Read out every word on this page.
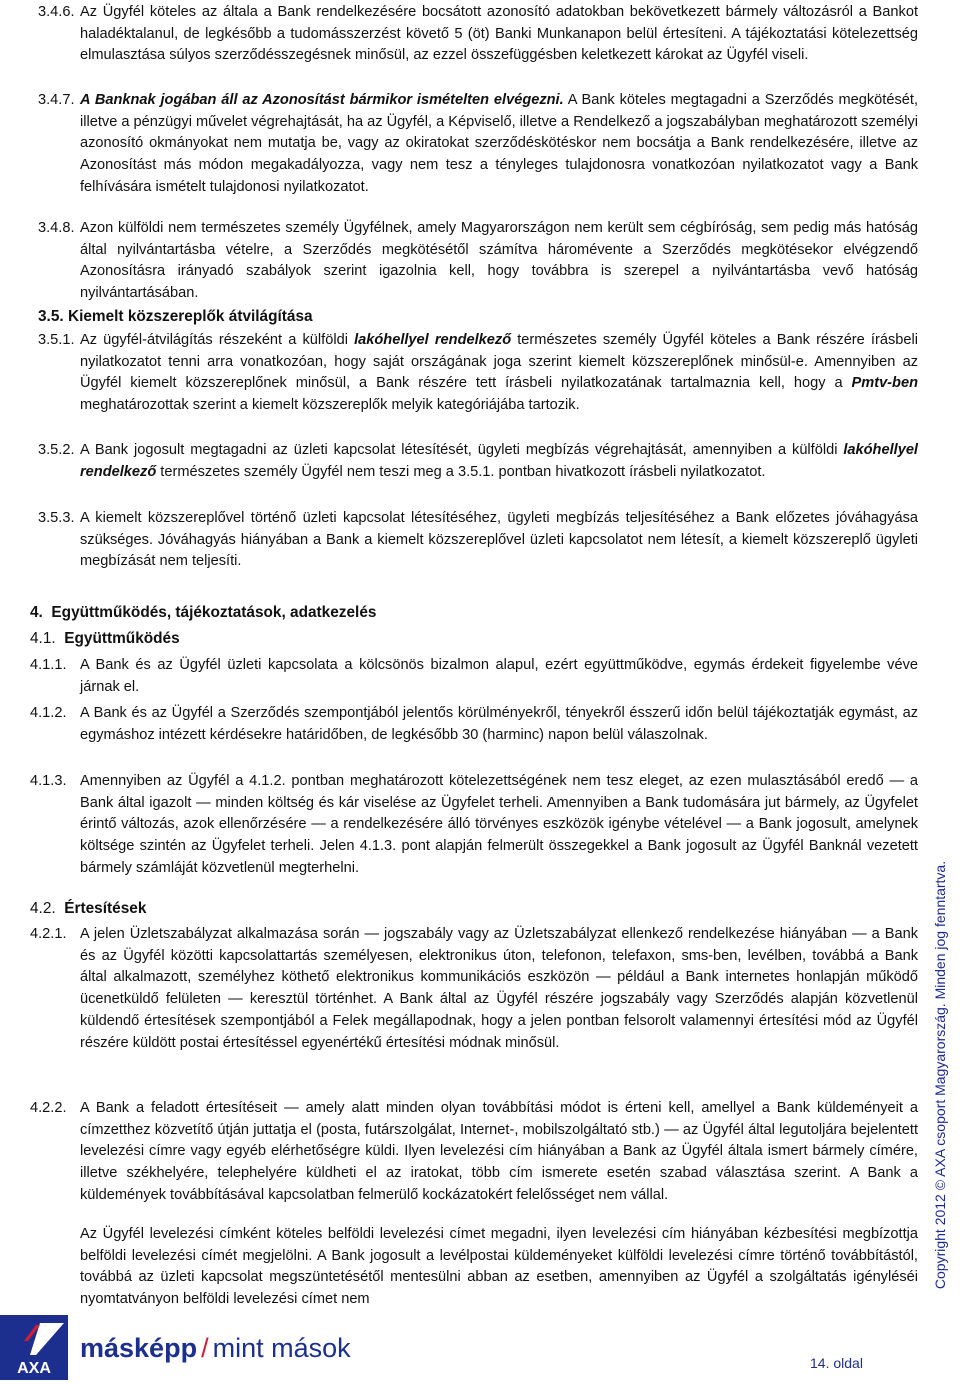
3.4.6. Az Ügyfél köteles az általa a Bank rendelkezésére bocsátott azonosító adatokban bekövetkezett bármely változásról a Bankot haladéktalanul, de legkésőbb a tudomásszerzést követő 5 (öt) Banki Munkanapon belül értesíteni. A tájékoztatási kötelezettség elmulasztása súlyos szerződésszegésnek minősül, az ezzel összefüggésben keletkezett károkat az Ügyfél viseli.

3.4.7. A Banknak jogában áll az Azonosítást bármikor ismételten elvégezni. A Bank köteles megtagadni a Szerződés megkötését, illetve a pénzügyi művelet végrehajtását, ha az Ügyfél, a Képviselő, illetve a Rendelkező a jogszabályban meghatározott személyi azonosító okmányokat nem mutatja be, vagy az okiratokat szerződéskötéskor nem bocsátja a Bank rendelkezésére, illetve az Azonosítást más módon megakadályozza, vagy nem tesz a tényleges tulajdonosra vonatkozóan nyilatkozatot vagy a Bank felhívására ismételt tulajdonosi nyilatkozatot.

3.4.8. Azon külföldi nem természetes személy Ügyfélnek, amely Magyarországon nem került sem cégbíróság, sem pedig más hatóság által nyilvántartásba vételre, a Szerződés megkötésétől számítva háromévente a Szerződés megkötésekor elvégzendő Azonosításra irányadó szabályok szerint igazolnia kell, hogy továbbra is szerepel a nyilvántartásba vevő hatóság nyilvántartásában.

3.5. Kiemelt közszereplők átvilágítása

3.5.1. Az ügyfél-átvilágítás részeként a külföldi lakóhellyel rendelkező természetes személy Ügyfél köteles a Bank részére írásbeli nyilatkozatot tenni arra vonatkozóan, hogy saját országának joga szerint kiemelt közszereplőnek minősül-e. Amennyiben az Ügyfél kiemelt közszereplőnek minősül, a Bank részére tett írásbeli nyilatkozatának tartalmaznia kell, hogy a Pmtv-ben meghatározottak szerint a kiemelt közszereplők melyik kategóriájába tartozik.

3.5.2. A Bank jogosult megtagadni az üzleti kapcsolat létesítését, ügyleti megbízás végrehajtását, amennyiben a külföldi lakóhellyel rendelkező természetes személy Ügyfél nem teszi meg a 3.5.1. pontban hivatkozott írásbeli nyilatkozatot.

3.5.3. A kiemelt közszereplővel történő üzleti kapcsolat létesítéséhez, ügyleti megbízás teljesítéséhez a Bank előzetes jóváhagyása szükséges. Jóváhagyás hiányában a Bank a kiemelt közszereplővel üzleti kapcsolatot nem létesít, a kiemelt közszereplő ügyleti megbízását nem teljesíti.

4. Együttműködés, tájékoztatások, adatkezelés

4.1. Együttműködés

4.1.1. A Bank és az Ügyfél üzleti kapcsolata a kölcsönös bizalmon alapul, ezért együttműködve, egymás érdekeit figyelembe véve járnak el.

4.1.2. A Bank és az Ügyfél a Szerződés szempontjából jelentős körülményekről, tényekről ésszerű időn belül tájékoztatják egymást, az egymáshoz intézett kérdésekre határidőben, de legkésőbb 30 (harminc) napon belül válaszolnak.

4.1.3. Amennyiben az Ügyfél a 4.1.2. pontban meghatározott kötelezettségének nem tesz eleget, az ezen mulasztásából eredő — a Bank által igazolt — minden költség és kár viselése az Ügyfelet terheli. Amennyiben a Bank tudomására jut bármely, az Ügyfelet érintő változás, azok ellenőrzésére — a rendelkezésére álló törvényes eszközök igénybe vételével — a Bank jogosult, amelynek költsége szintén az Ügyfelet terheli. Jelen 4.1.3. pont alapján felmerült összegekkel a Bank jogosult az Ügyfél Banknál vezetett bármely számláját közvetlenül megterhelni.

4.2. Értesítések

4.2.1. A jelen Üzletszabályzat alkalmazása során — jogszabály vagy az Üzletszabályzat ellenkező rendelkezése hiányában — a Bank és az Ügyfél közötti kapcsolattartás személyesen, elektronikus úton, telefonon, telefaxon, sms-ben, levélben, továbbá a Bank által alkalmazott, személyhez köthető elektronikus kommunikációs eszközön — például a Bank internetes honlapján működő ücenetküldő felületen — keresztül történhet. A Bank által az Ügyfél részére jogszabály vagy Szerződés alapján közvetlenül küldendő értesítések szempontjából a Felek megállapodnak, hogy a jelen pontban felsorolt valamennyi értesítési mód az Ügyfél részére küldött postai értesítéssel egyenértékű értesítési módnak minősül.

4.2.2. A Bank a feladott értesítéseit — amely alatt minden olyan továbbítási módot is érteni kell, amellyel a Bank küldeményeit a címzetthez közvetítő útján juttatja el (posta, futárszolgálat, Internet-, mobilszolgáltató stb.) — az Ügyfél által legutoljára bejelentett levelezési címre vagy egyéb elérhetőségre küldi. Ilyen levelezési cím hiányában a Bank az Ügyfél általa ismert bármely címére, illetve székhelyére, telephelyére küldheti el az iratokat, több cím ismerete esetén szabad választása szerint. A Bank a küldemények továbbításával kapcsolatban felmerülő kockázatokért felelősséget nem vállal.

Az Ügyfél levelezési címként köteles belföldi levelezési címet megadni, ilyen levelezési cím hiányában kézbesítési megbízottja belföldi levelezési címét megjelölni. A Bank jogosult a levélpostai küldeményeket külföldi levelezési címre történő továbbítástól, továbbá az üzleti kapcsolat megszüntetésétől mentesülni abban az esetben, amennyiben az Ügyfél a szolgáltatás igényléséi nyomtatványon belföldi levelezési címet nem

Copyright 2012 © AXA csoport Magyarország. Minden jog fenntartva.
AXA
másképp / mint mások	14. oldal
